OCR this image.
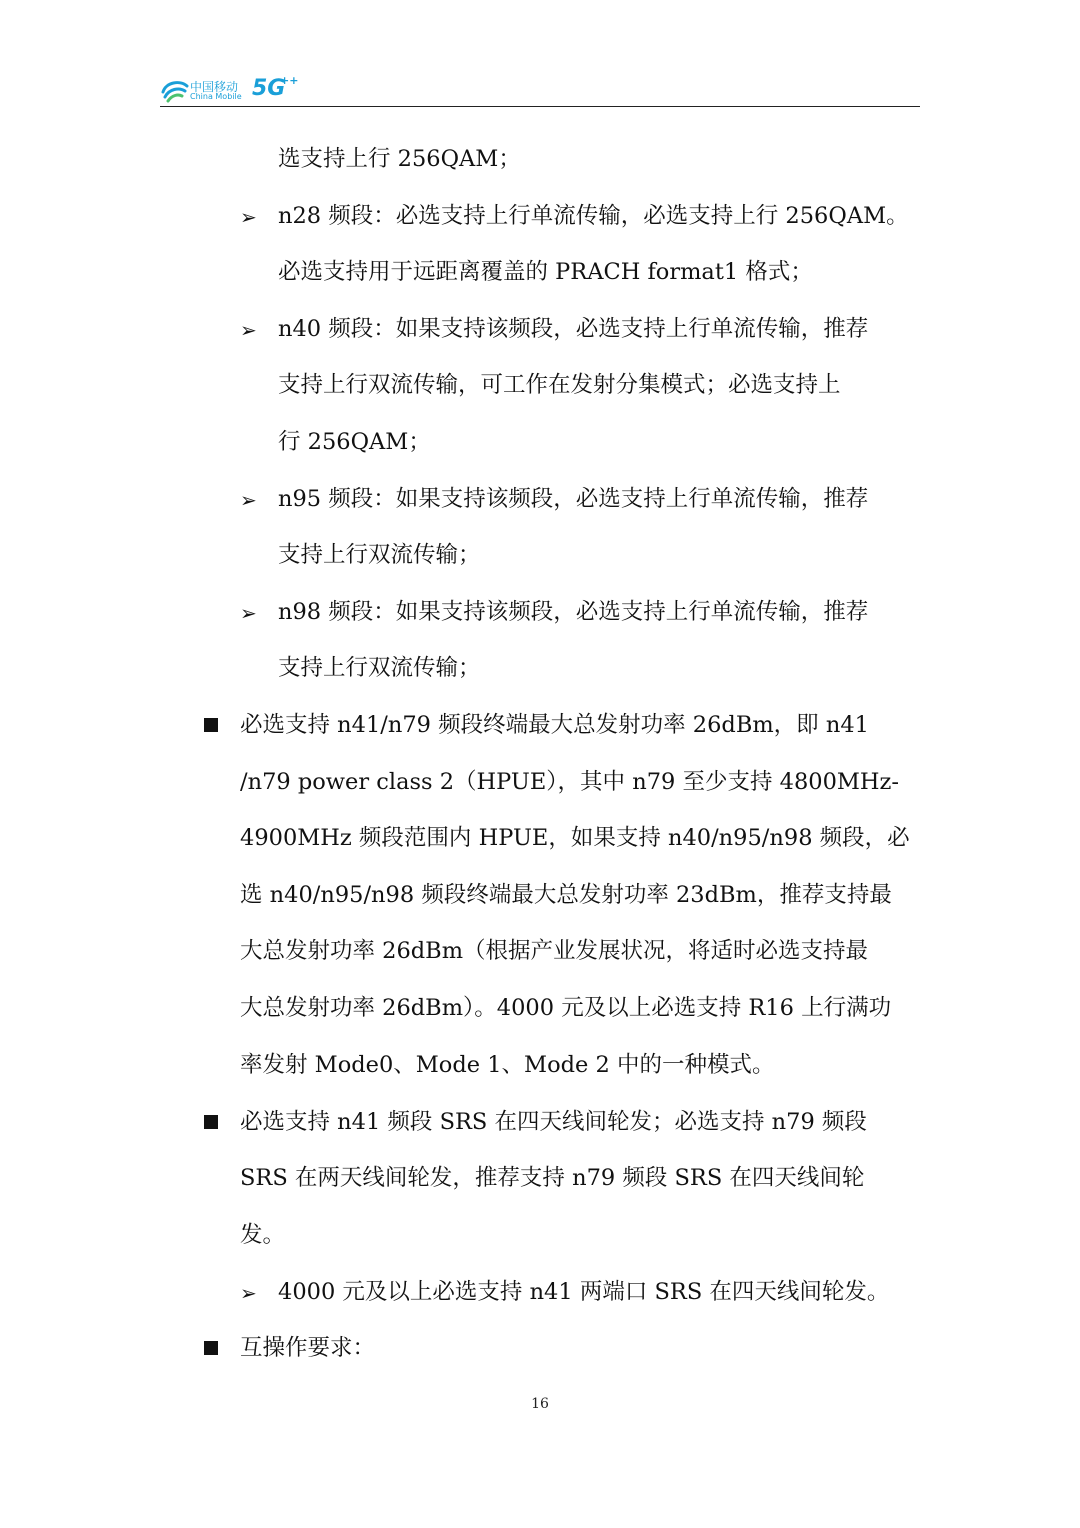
中国移动
China Mobile 5G
++
选支持上行 256QAM；
➢ n28 频段：必选支持上行单流传输，必选支持上行 256QAM。
必选支持用于远距离覆盖的 PRACH format1 格式；
➢ n40 频段：如果支持该频段，必选支持上行单流传输，推荐
支持上行双流传输，可工作在发射分集模式；必选支持上
行 256QAM；
➢ n95 频段：如果支持该频段，必选支持上行单流传输，推荐
支持上行双流传输；
➢ n98 频段：如果支持该频段，必选支持上行单流传输，推荐
支持上行双流传输；
必选支持 n41/n79 频段终端最大总发射功率 26dBm，即 n41
/n79 power class 2（HPUE），其中 n79 至少支持 4800MHz-
4900MHz 频段范围内 HPUE，如果支持 n40/n95/n98 频段，必
选 n40/n95/n98 频段终端最大总发射功率 23dBm，推荐支持最
大总发射功率 26dBm（根据产业发展状况，将适时必选支持最
大总发射功率 26dBm）。4000 元及以上必选支持 R16 上行满功
率发射 Mode0、Mode 1、Mode 2 中的一种模式。
必选支持 n41 频段 SRS 在四天线间轮发；必选支持 n79 频段
SRS 在两天线间轮发，推荐支持 n79 频段 SRS 在四天线间轮
发。
➢ 4000 元及以上必选支持 n41 两端口 SRS 在四天线间轮发。
互操作要求：
16
